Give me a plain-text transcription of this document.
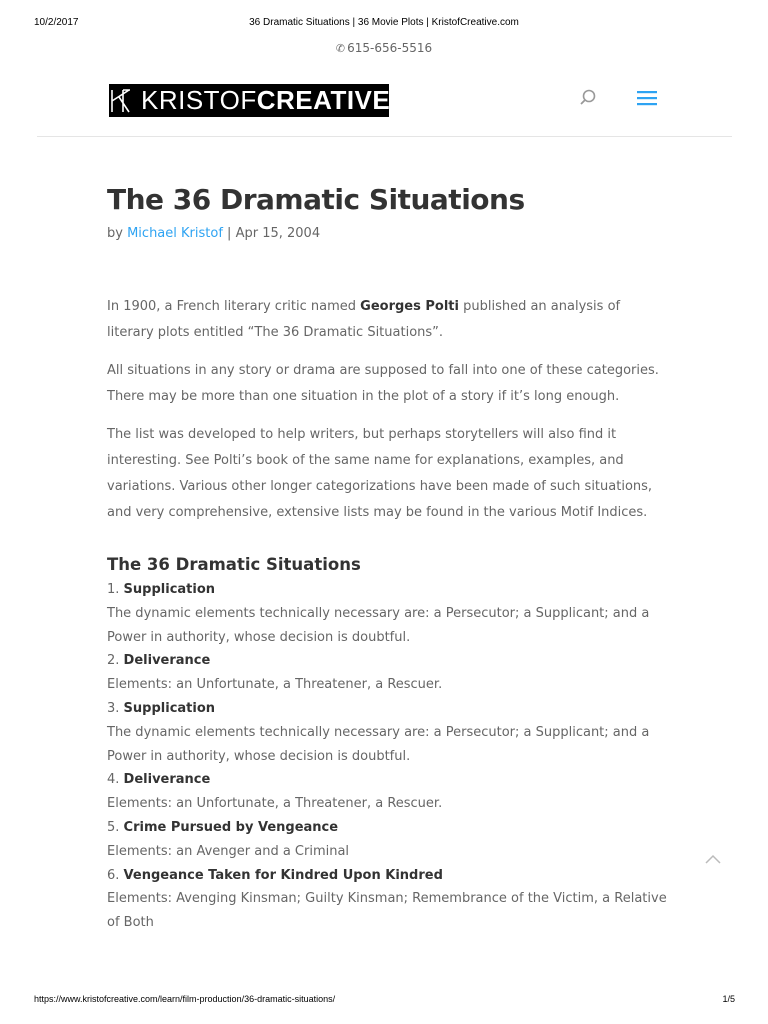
10/2/2017	36 Dramatic Situations | 36 Movie Plots | KristofCreative.com
✆ 615-656-5516
KRISTOFCREATIVE
The 36 Dramatic Situations
by Michael Kristof | Apr 15, 2004

In 1900, a French literary critic named Georges Polti published an analysis of literary plots entitled “The 36 Dramatic Situations”.

All situations in any story or drama are supposed to fall into one of these categories. There may be more than one situation in the plot of a story if it’s long enough.

The list was developed to help writers, but perhaps storytellers will also find it interesting. See Polti’s book of the same name for explanations, examples, and variations. Various other longer categorizations have been made of such situations, and very comprehensive, extensive lists may be found in the various Motif Indices.

The 36 Dramatic Situations
1. Supplication
The dynamic elements technically necessary are: a Persecutor; a Supplicant; and a Power in authority, whose decision is doubtful.
2. Deliverance
Elements: an Unfortunate, a Threatener, a Rescuer.
3. Supplication
The dynamic elements technically necessary are: a Persecutor; a Supplicant; and a Power in authority, whose decision is doubtful.
4. Deliverance
Elements: an Unfortunate, a Threatener, a Rescuer.
5. Crime Pursued by Vengeance
Elements: an Avenger and a Criminal
6. Vengeance Taken for Kindred Upon Kindred
Elements: Avenging Kinsman; Guilty Kinsman; Remembrance of the Victim, a Relative of Both
https://www.kristofcreative.com/learn/film-production/36-dramatic-situations/	1/5
